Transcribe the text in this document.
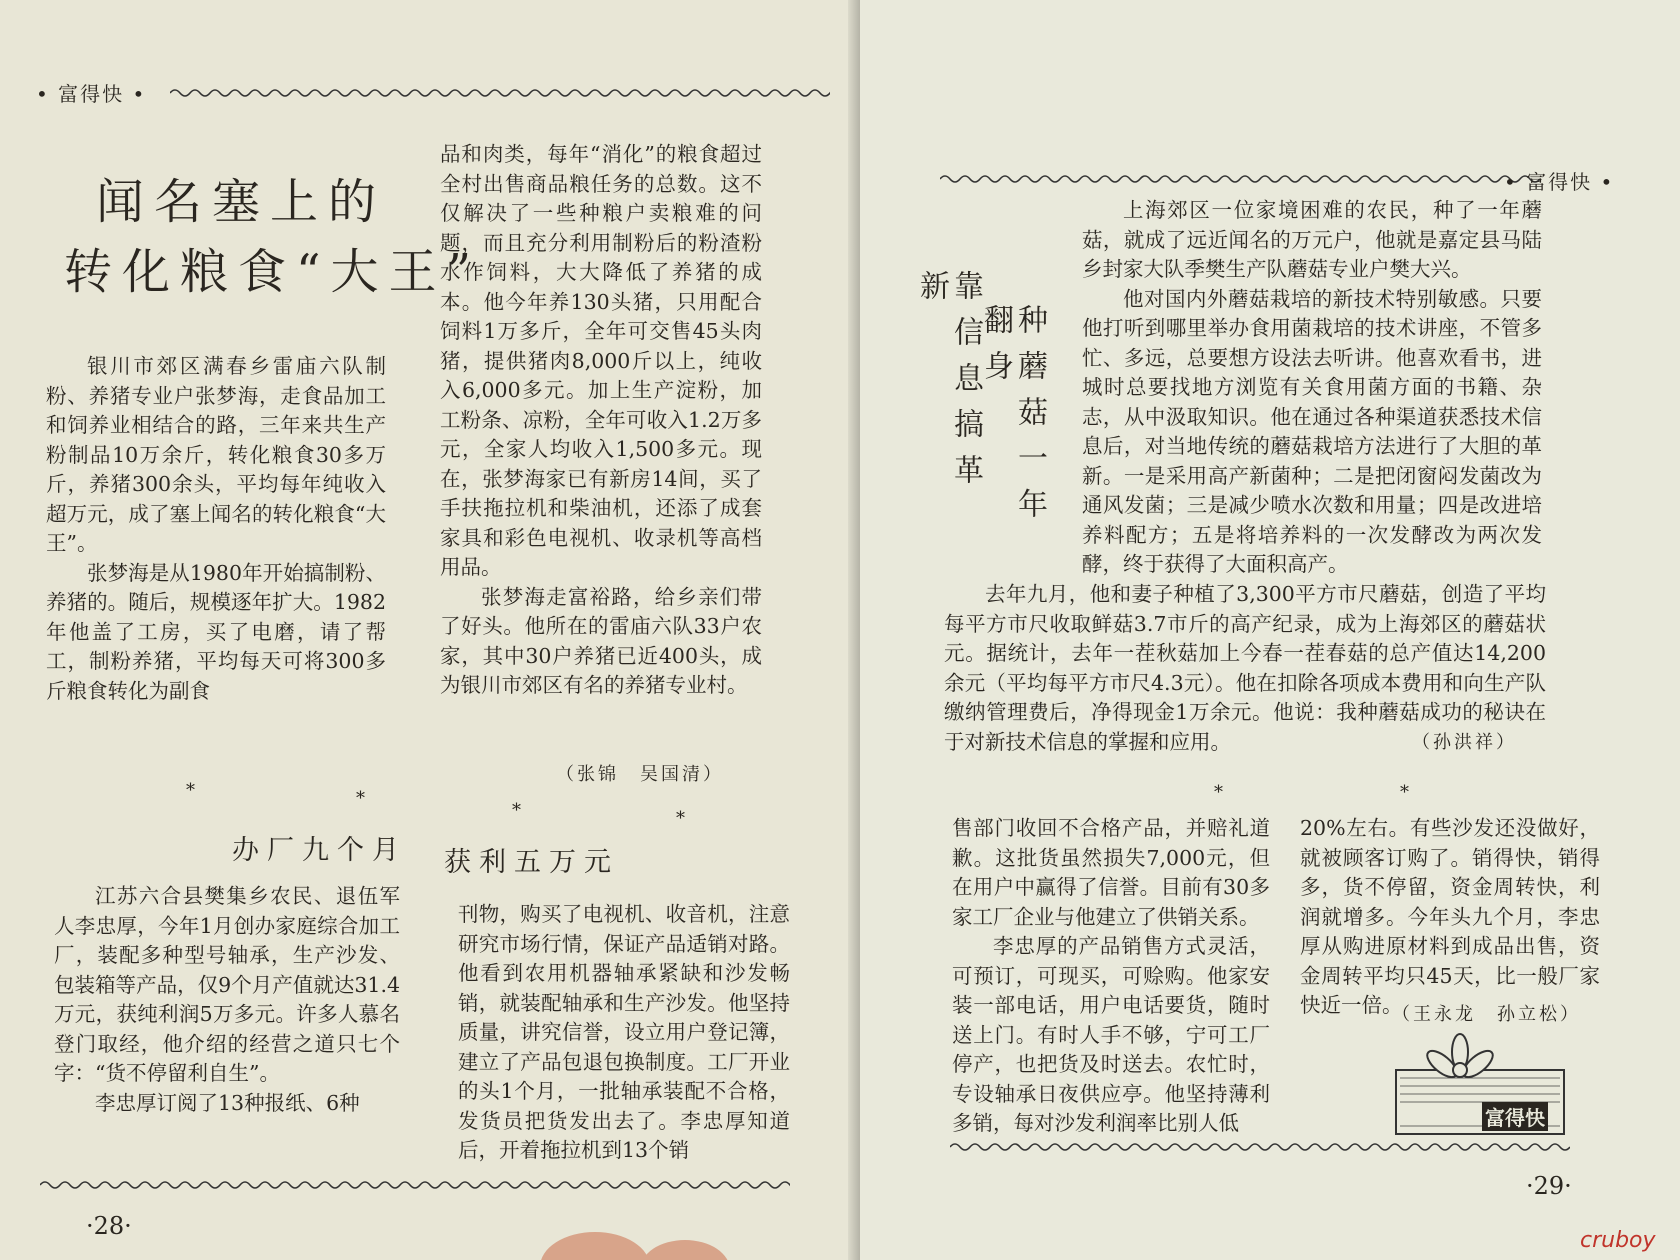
• 富得快 •
闻名塞上的
转化粮食“大王”

银川市郊区满春乡雷庙六队制粉、养猪专业户张梦海，走食品加工和饲养业相结合的路，三年来共生产粉制品10万余斤，转化粮食30多万斤，养猪300余头，平均每年纯收入超万元，成了塞上闻名的转化粮食“大王”。

张梦海是从1980年开始搞制粉、养猪的。随后，规模逐年扩大。1982年他盖了工房，买了电磨，请了帮工，制粉养猪，平均每天可将300多斤粮食转化为副食

品和肉类，每年“消化”的粮食超过全村出售商品粮任务的总数。这不仅解决了一些种粮户卖粮难的问题，而且充分利用制粉后的粉渣粉水作饲料，大大降低了养猪的成本。他今年养130头猪，只用配合饲料1万多斤，全年可交售45头肉猪，提供猪肉8,000斤以上，纯收入6,000多元。加上生产淀粉，加工粉条、凉粉，全年可收入1.2万多元，全家人均收入1,500多元。现在，张梦海家已有新房14间，买了手扶拖拉机和柴油机，还添了成套家具和彩色电视机、收录机等高档用品。

张梦海走富裕路，给乡亲们带了好头。他所在的雷庙六队33户农家，其中30户养猪已近400头，成为银川市郊区有名的养猪专业村。

（张锦　吴国清）
*	*
*	*
办厂九个月 获利五万元

江苏六合县樊集乡农民、退伍军人李忠厚，今年1月创办家庭综合加工厂，装配多种型号轴承，生产沙发、包装箱等产品，仅9个月产值就达31.4万元，获纯利润5万多元。许多人慕名登门取经，他介绍的经营之道只七个字：“货不停留利自生”。

李忠厚订阅了13种报纸、6种

刊物，购买了电视机、收音机，注意研究市场行情，保证产品适销对路。他看到农用机器轴承紧缺和沙发畅销，就装配轴承和生产沙发。他坚持质量，讲究信誉，设立用户登记簿，建立了产品包退包换制度。工厂开业的头1个月，一批轴承装配不合格，发货员把货发出去了。李忠厚知道后，开着拖拉机到13个销

·28·
• 富得快 •
靠信息搞革新
种蘑菇一年翻身

上海郊区一位家境困难的农民，种了一年蘑菇，就成了远近闻名的万元户，他就是嘉定县马陆乡封家大队季樊生产队蘑菇专业户樊大兴。

他对国内外蘑菇栽培的新技术特别敏感。只要他打听到哪里举办食用菌栽培的技术讲座，不管多忙、多远，总要想方设法去听讲。他喜欢看书，进城时总要找地方浏览有关食用菌方面的书籍、杂志，从中汲取知识。他在通过各种渠道获悉技术信息后，对当地传统的蘑菇栽培方法进行了大胆的革新。一是采用高产新菌种；二是把闭窗闷发菌改为通风发菌；三是减少喷水次数和用量；四是改进培养料配方；五是将培养料的一次发酵改为两次发酵，终于获得了大面积高产。

去年九月，他和妻子种植了3,300平方市尺蘑菇，创造了平均每平方市尺收取鲜菇3.7市斤的高产纪录，成为上海郊区的蘑菇状元。据统计，去年一茬秋菇加上今春一茬春菇的总产值达14,200余元（平均每平方市尺4.3元）。他在扣除各项成本费用和向生产队缴纳管理费后，净得现金1万余元。他说：我种蘑菇成功的秘诀在于对新技术信息的掌握和应用。	（孙洪祥）
*	*

售部门收回不合格产品，并赔礼道歉。这批货虽然损失7,000元，但在用户中赢得了信誉。目前有30多家工厂企业与他建立了供销关系。

李忠厚的产品销售方式灵活，可预订，可现买，可赊购。他家安装一部电话，用户电话要货，随时送上门。有时人手不够，宁可工厂停产，也把货及时送去。农忙时，专设轴承日夜供应亭。他坚持薄利多销，每对沙发利润率比别人低

20%左右。有些沙发还没做好，就被顾客订购了。销得快，销得多，货不停留，资金周转快，利润就增多。今年头九个月，李忠厚从购进原材料到成品出售，资金周转平均只45天，比一般厂家快近一倍。

（王永龙　孙立松）
富得快
·29·
cruboy
